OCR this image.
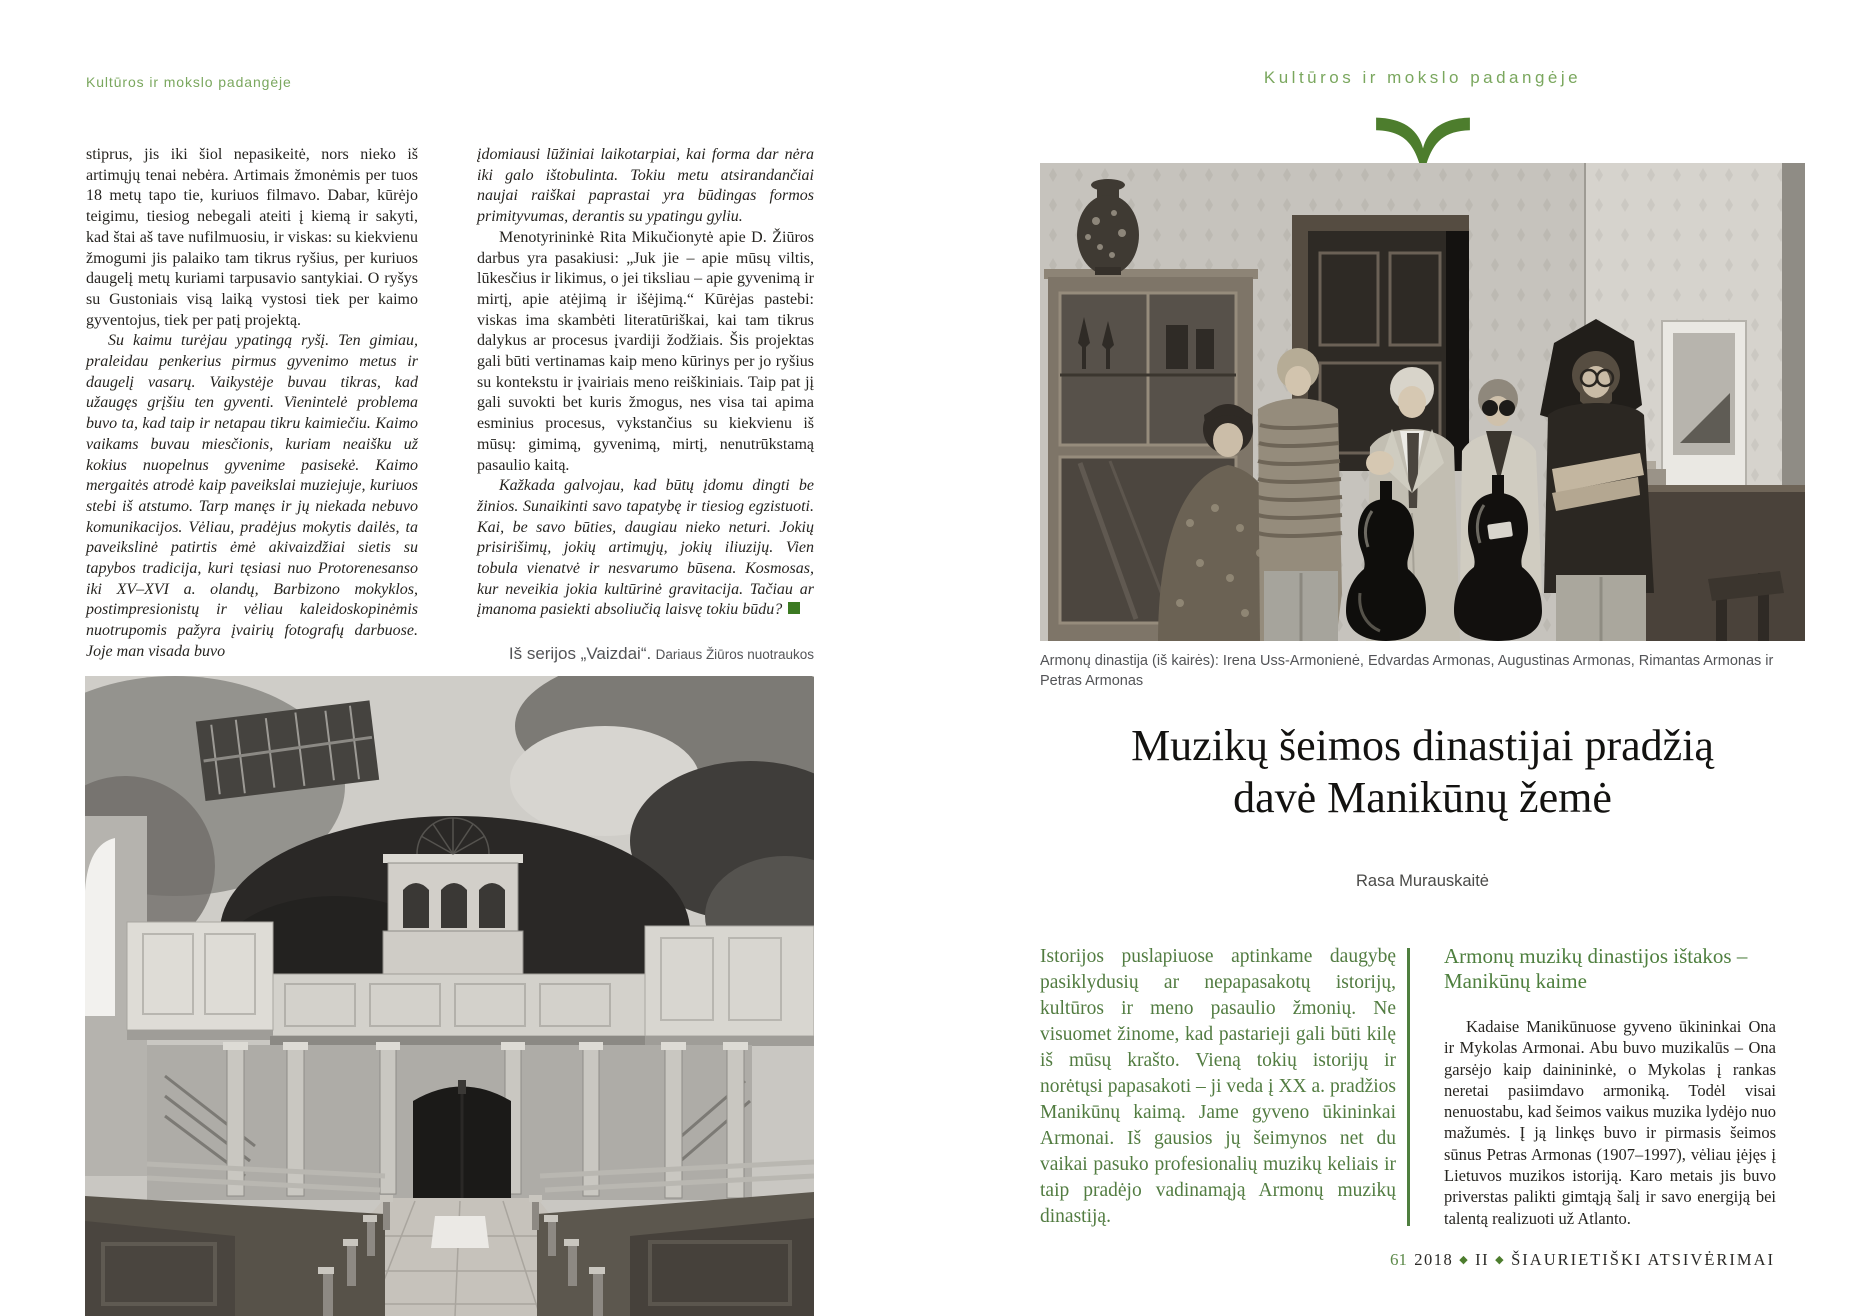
Kultūros ir mokslo padangėje

stiprus, jis iki šiol nepasikeitė, nors nieko iš artimųjų tenai nebėra. Artimais žmonėmis per tuos 18 metų tapo tie, kuriuos filmavo. Dabar, kūrėjo teigimu, tiesiog nebegali ateiti į kiemą ir sakyti, kad štai aš tave nufilmuosiu, ir viskas: su kiekvienu žmogumi jis palaiko tam tikrus ryšius, per kuriuos daugelį metų kuriami tarpusavio santykiai. O ryšys su Gustoniais visą laiką vystosi tiek per kaimo gyventojus, tiek per patį projektą.

Su kaimu turėjau ypatingą ryšį. Ten gimiau, praleidau penkerius pirmus gyvenimo metus ir daugelį vasarų. Vaikystėje buvau tikras, kad užaugęs grįšiu ten gyventi. Vienintelė problema buvo ta, kad taip ir netapau tikru kaimiečiu. Kaimo vaikams buvau miesčionis, kuriam neaišku už kokius nuopelnus gyvenime pasisekė. Kaimo mergaitės atrodė kaip paveikslai muziejuje, kuriuos stebi iš atstumo. Tarp manęs ir jų niekada nebuvo komunikacijos. Vėliau, pradėjus mokytis dailės, ta paveikslinė patirtis ėmė akivaizdžiai sietis su tapybos tradicija, kuri tęsiasi nuo Protorenesanso iki XV–XVI a. olandų, Barbizono mokyklos, postimpresionistų ir vėliau kaleidoskopinėmis nuotrupomis pažyra įvairių fotografų darbuose. Joje man visada buvo

įdomiausi lūžiniai laikotarpiai, kai forma dar nėra iki galo ištobulinta. Tokiu metu atsirandančiai naujai raiškai paprastai yra būdingas formos primityvumas, derantis su ypatingu gyliu.

Menotyrininkė Rita Mikučionytė apie D. Žiūros darbus yra pasakiusi: „Juk jie – apie mūsų viltis, lūkesčius ir likimus, o jei tiksliau – apie gyvenimą ir mirtį, apie atėjimą ir išėjimą.“ Kūrėjas pastebi: viskas ima skambėti literatūriškai, kai tam tikrus dalykus ar procesus įvardiji žodžiais. Šis projektas gali būti vertinamas kaip meno kūrinys per jo ryšius su kontekstu ir įvairiais meno reiškiniais. Taip pat jį gali suvokti bet kuris žmogus, nes visa tai apima esminius procesus, vykstančius su kiekvienu iš mūsų: gimimą, gyvenimą, mirtį, nenutrūkstamą pasaulio kaitą.

Kažkada galvojau, kad būtų įdomu dingti be žinios. Sunaikinti savo tapatybę ir tiesiog egzistuoti. Kai, be savo būties, daugiau nieko neturi. Jokių prisirišimų, jokių artimųjų, jokių iliuzijų. Vien tobula vienatvė ir nesvarumo būsena. Kosmosas, kur neveikia jokia kultūrinė gravitacija. Tačiau ar įmanoma pasiekti absoliučią laisvę tokiu būdu?

Iš serijos „Vaizdai“. Dariaus Žiūros nuotraukos
Kultūros ir mokslo padangėje
Armonų dinastija (iš kairės): Irena Uss-Armonienė, Edvardas Armonas, Augustinas Armonas, Rimantas Armonas ir Petras Armonas
Muzikų šeimos dinastijai pradžią
davė Manikūnų žemė
Rasa Murauskaitė
Istorijos puslapiuose aptinkame daugybę pasiklydusių ar nepapasakotų istorijų, kultūros ir meno pasaulio žmonių. Ne visuomet žinome, kad pastarieji gali būti kilę iš mūsų krašto. Vieną tokių istorijų ir norėtųsi papasakoti – ji veda į XX a. pradžios Manikūnų kaimą. Jame gyveno ūkininkai Armonai. Iš gausios jų šeimynos net du vaikai pasuko profesionalių muzikų keliais ir taip pradėjo vadinamąją Armonų muzikų dinastiją.
Armonų muzikų dinastijos ištakos – Manikūnų kaime

Kadaise Manikūnuose gyveno ūkininkai Ona ir Mykolas Armonai. Abu buvo muzikalūs – Ona garsėjo kaip dainininkė, o Mykolas į rankas neretai pasiimdavo armoniką. Todėl visai nenuostabu, kad šeimos vaikus muzika lydėjo nuo mažumės. Į ją linkęs buvo ir pirmasis šeimos sūnus Petras Armonas (1907–1997), vėliau įėjęs į Lietuvos muzikos istoriją. Karo metais jis buvo priverstas palikti gimtąją šalį ir savo energiją bei talentą realizuoti už Atlanto.

61 2018 ◆ II ◆ ŠIAURIETIŠKI ATSIVĖRIMAI
